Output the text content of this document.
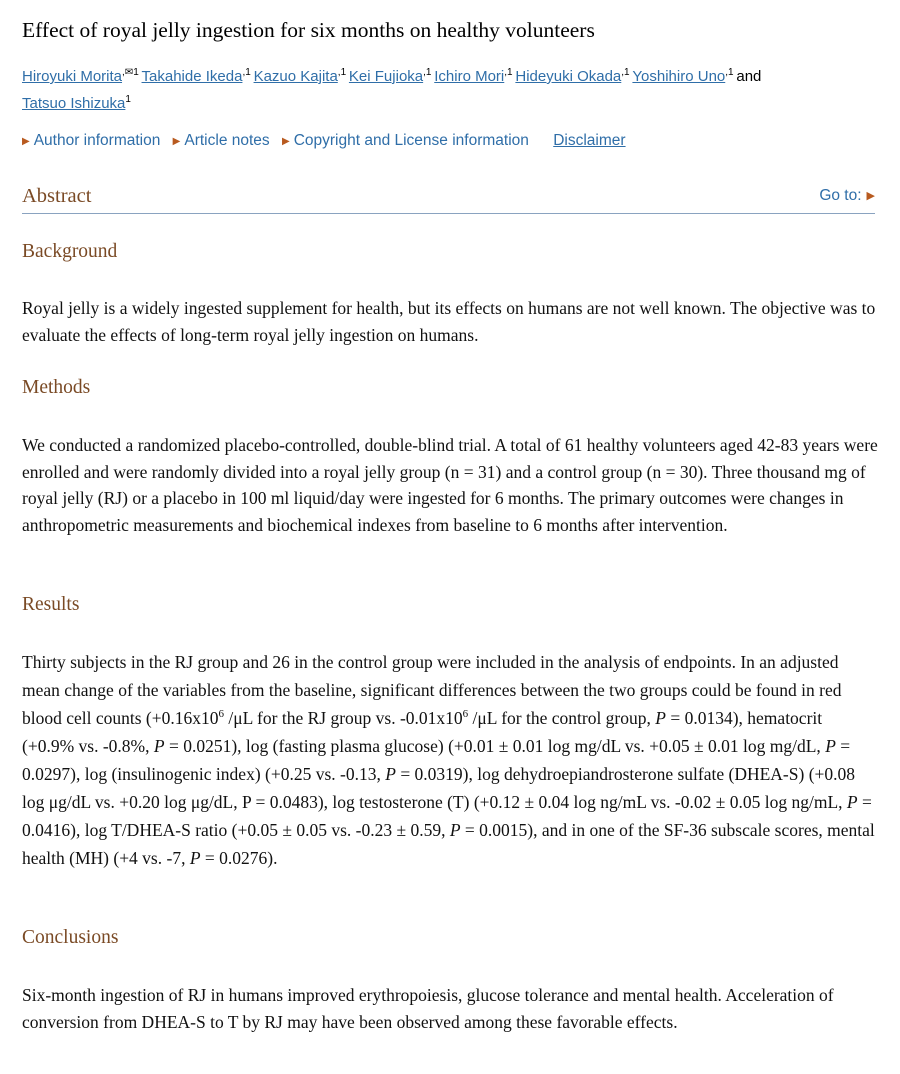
Effect of royal jelly ingestion for six months on healthy volunteers
Hiroyuki Morita$^{,✉1}$ Takahide Ikeda$^{,1}$ Kazuo Kajita$^{,1}$ Kei Fujioka$^{,1}$ Ichiro Mori$^{,1}$ Hideyuki Okada$^{,1}$ Yoshihiro Uno$^{,1}$ and
Tatsuo Ishizuka$^1$
▶ Author information ▶ Article notes ▶ Copyright and License information Disclaimer
Abstract	Go to: ▶
Background

Royal jelly is a widely ingested supplement for health, but its effects on humans are not well known. The objective was to evaluate the effects of long-term royal jelly ingestion on humans.

Methods

We conducted a randomized placebo-controlled, double-blind trial. A total of 61 healthy volunteers aged 42-83 years were enrolled and were randomly divided into a royal jelly group (n = 31) and a control group (n = 30). Three thousand mg of royal jelly (RJ) or a placebo in 100 ml liquid/day were ingested for 6 months. The primary outcomes were changes in anthropometric measurements and biochemical indexes from baseline to 6 months after intervention.

Results

Thirty subjects in the RJ group and 26 in the control group were included in the analysis of endpoints. In an adjusted mean change of the variables from the baseline, significant differences between the two groups could be found in red blood cell counts ($+0.16x10^6$ /μL for the RJ group vs. $-0.01x10^6$ /μL for the control group, P = 0.0134), hematocrit (+0.9% vs. -0.8%, P = 0.0251), log (fasting plasma glucose) (+0.01 ± 0.01 log mg/dL vs. +0.05 ± 0.01 log mg/dL, P = 0.0297), log (insulinogenic index) (+0.25 vs. -0.13, P = 0.0319), log dehydroepiandrosterone sulfate (DHEA-S) (+0.08 log μg/dL vs. +0.20 log μg/dL, P = 0.0483), log testosterone (T) (+0.12 ± 0.04 log ng/mL vs. -0.02 ± 0.05 log ng/mL, P = 0.0416), log T/DHEA-S ratio (+0.05 ± 0.05 vs. -0.23 ± 0.59, P = 0.0015), and in one of the SF-36 subscale scores, mental health (MH) (+4 vs. -7, P = 0.0276).

Conclusions

Six-month ingestion of RJ in humans improved erythropoiesis, glucose tolerance and mental health. Acceleration of conversion from DHEA-S to T by RJ may have been observed among these favorable effects.
